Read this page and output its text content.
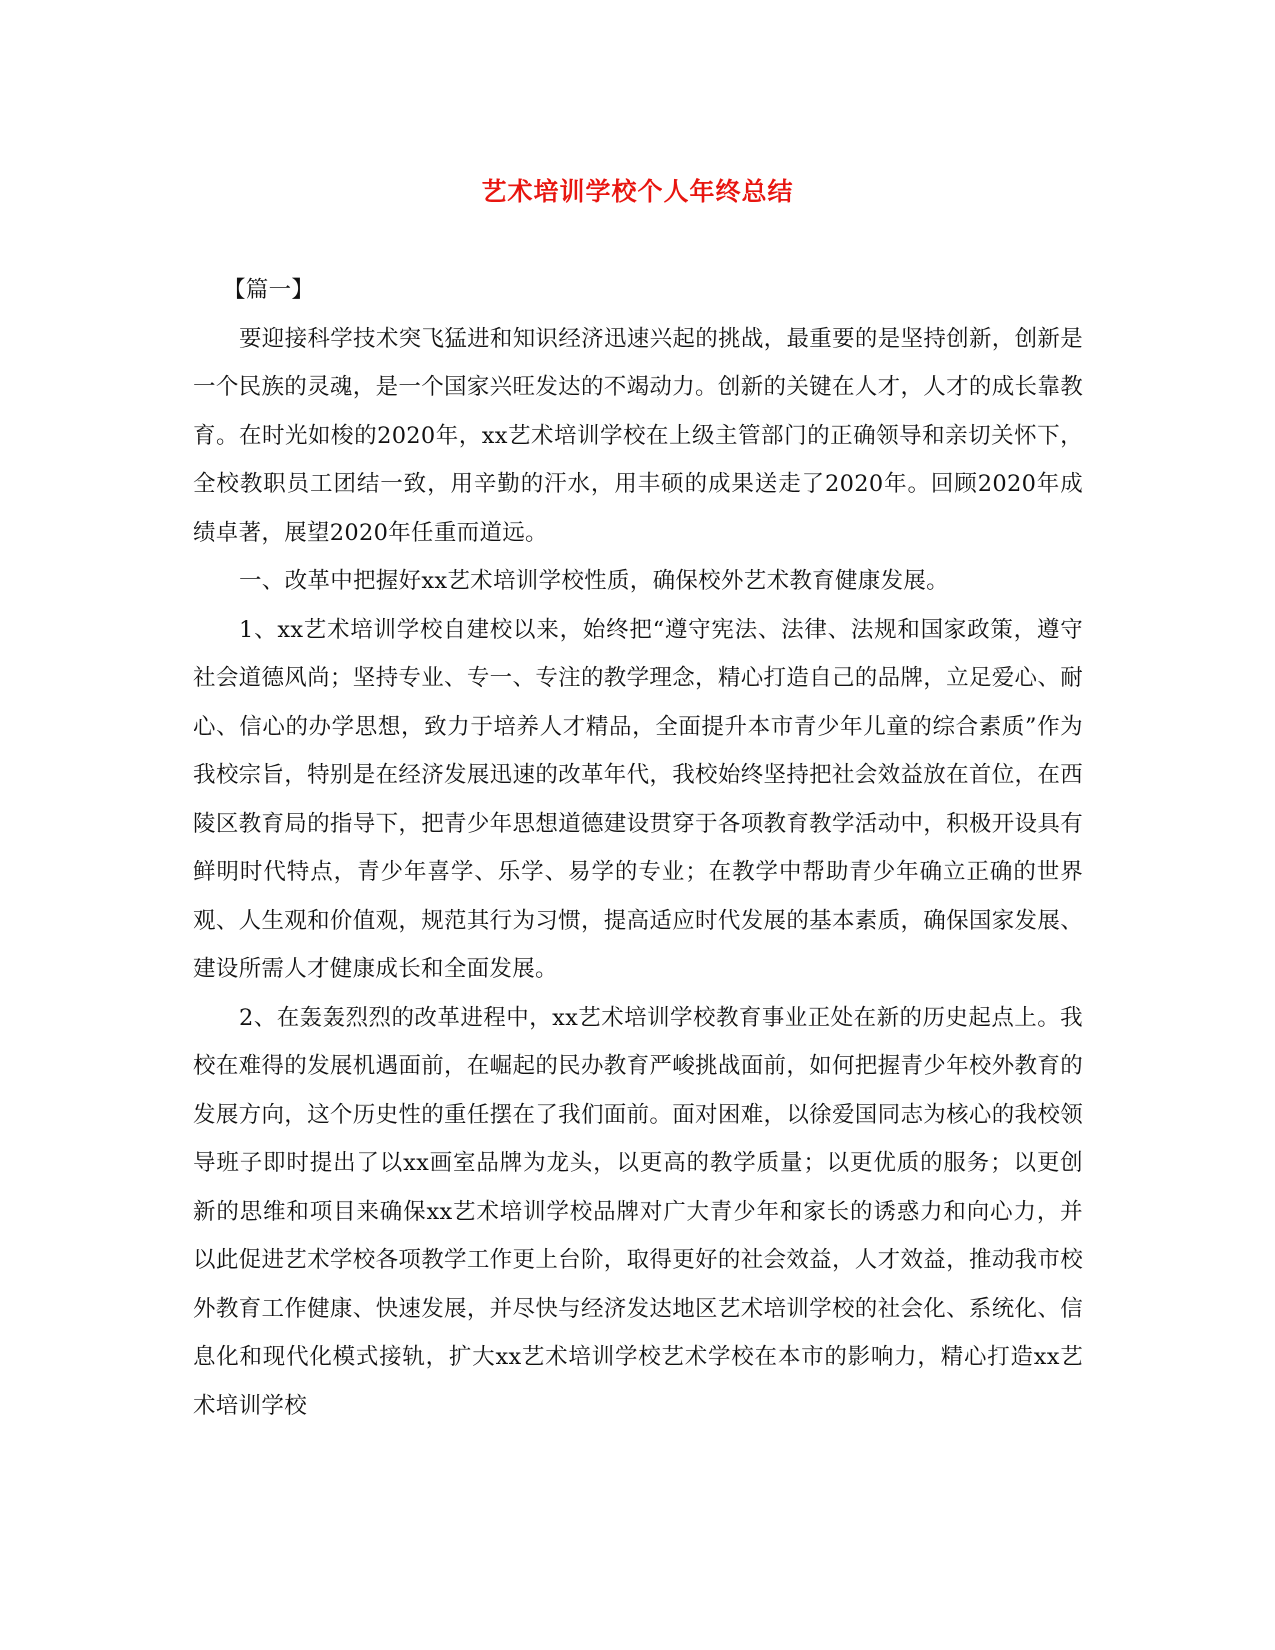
艺术培训学校个人年终总结

【篇一】

要迎接科学技术突飞猛进和知识经济迅速兴起的挑战，最重要的是坚持创新，创新是一个民族的灵魂，是一个国家兴旺发达的不竭动力。创新的关键在人才，人才的成长靠教育。在时光如梭的2020年，xx艺术培训学校在上级主管部门的正确领导和亲切关怀下，全校教职员工团结一致，用辛勤的汗水，用丰硕的成果送走了2020年。回顾2020年成绩卓著，展望2020年任重而道远。

一、改革中把握好xx艺术培训学校性质，确保校外艺术教育健康发展。

1、xx艺术培训学校自建校以来，始终把“遵守宪法、法律、法规和国家政策，遵守社会道德风尚；坚持专业、专一、专注的教学理念，精心打造自己的品牌，立足爱心、耐心、信心的办学思想，致力于培养人才精品，全面提升本市青少年儿童的综合素质”作为我校宗旨，特别是在经济发展迅速的改革年代，我校始终坚持把社会效益放在首位，在西陵区教育局的指导下，把青少年思想道德建设贯穿于各项教育教学活动中，积极开设具有鲜明时代特点，青少年喜学、乐学、易学的专业；在教学中帮助青少年确立正确的世界观、人生观和价值观，规范其行为习惯，提高适应时代发展的基本素质，确保国家发展、建设所需人才健康成长和全面发展。

2、在轰轰烈烈的改革进程中，xx艺术培训学校教育事业正处在新的历史起点上。我校在难得的发展机遇面前，在崛起的民办教育严峻挑战面前，如何把握青少年校外教育的发展方向，这个历史性的重任摆在了我们面前。面对困难，以徐爱国同志为核心的我校领导班子即时提出了以xx画室品牌为龙头，以更高的教学质量；以更优质的服务；以更创新的思维和项目来确保xx艺术培训学校品牌对广大青少年和家长的诱惑力和向心力，并以此促进艺术学校各项教学工作更上台阶，取得更好的社会效益，人才效益，推动我市校外教育工作健康、快速发展，并尽快与经济发达地区艺术培训学校的社会化、系统化、信息化和现代化模式接轨，扩大xx艺术培训学校艺术学校在本市的影响力，精心打造xx艺术培训学校
